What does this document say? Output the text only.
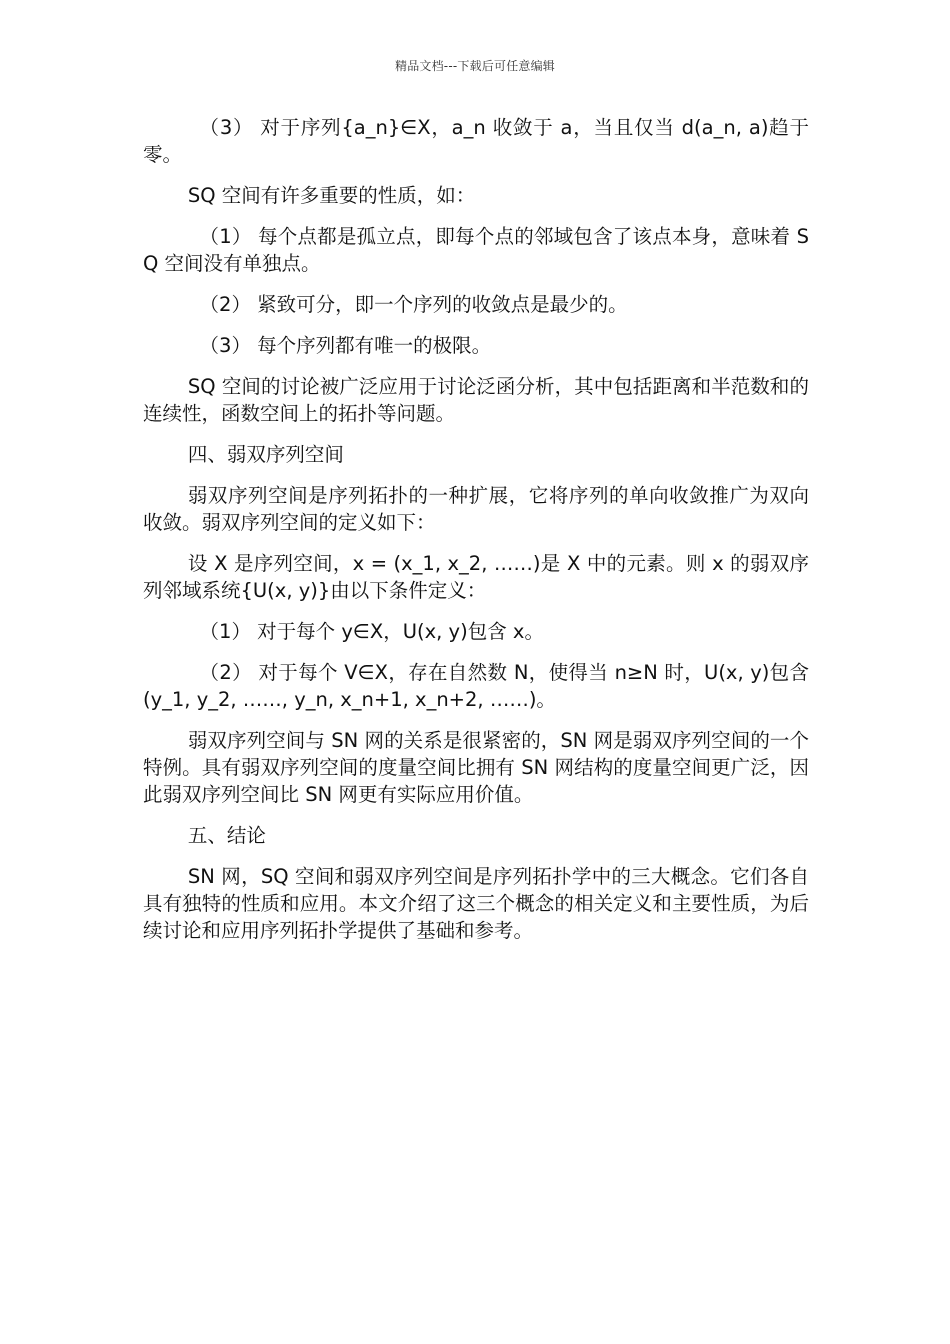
精品文档---下载后可任意编辑

（3） 对于序列{a_n}∈X，a_n 收敛于 a，当且仅当 d(a_n, a)趋于零。

SQ 空间有许多重要的性质，如：

（1） 每个点都是孤立点，即每个点的邻域包含了该点本身，意味着 SQ 空间没有单独点。

（2） 紧致可分，即一个序列的收敛点是最少的。

（3） 每个序列都有唯一的极限。

SQ 空间的讨论被广泛应用于讨论泛函分析，其中包括距离和半范数和的连续性，函数空间上的拓扑等问题。

四、弱双序列空间

弱双序列空间是序列拓扑的一种扩展，它将序列的单向收敛推广为双向收敛。弱双序列空间的定义如下：

设 X 是序列空间，x = (x_1, x_2, ……)是 X 中的元素。则 x 的弱双序列邻域系统{U(x, y)}由以下条件定义：

（1） 对于每个 y∈X，U(x, y)包含 x。

（2） 对于每个 V∈X，存在自然数 N，使得当 n≥N 时，U(x, y)包含(y_1, y_2, ……, y_n, x_n+1, x_n+2, ……)。

弱双序列空间与 SN 网的关系是很紧密的，SN 网是弱双序列空间的一个特例。具有弱双序列空间的度量空间比拥有 SN 网结构的度量空间更广泛，因此弱双序列空间比 SN 网更有实际应用价值。

五、结论

SN 网，SQ 空间和弱双序列空间是序列拓扑学中的三大概念。它们各自具有独特的性质和应用。本文介绍了这三个概念的相关定义和主要性质，为后续讨论和应用序列拓扑学提供了基础和参考。
